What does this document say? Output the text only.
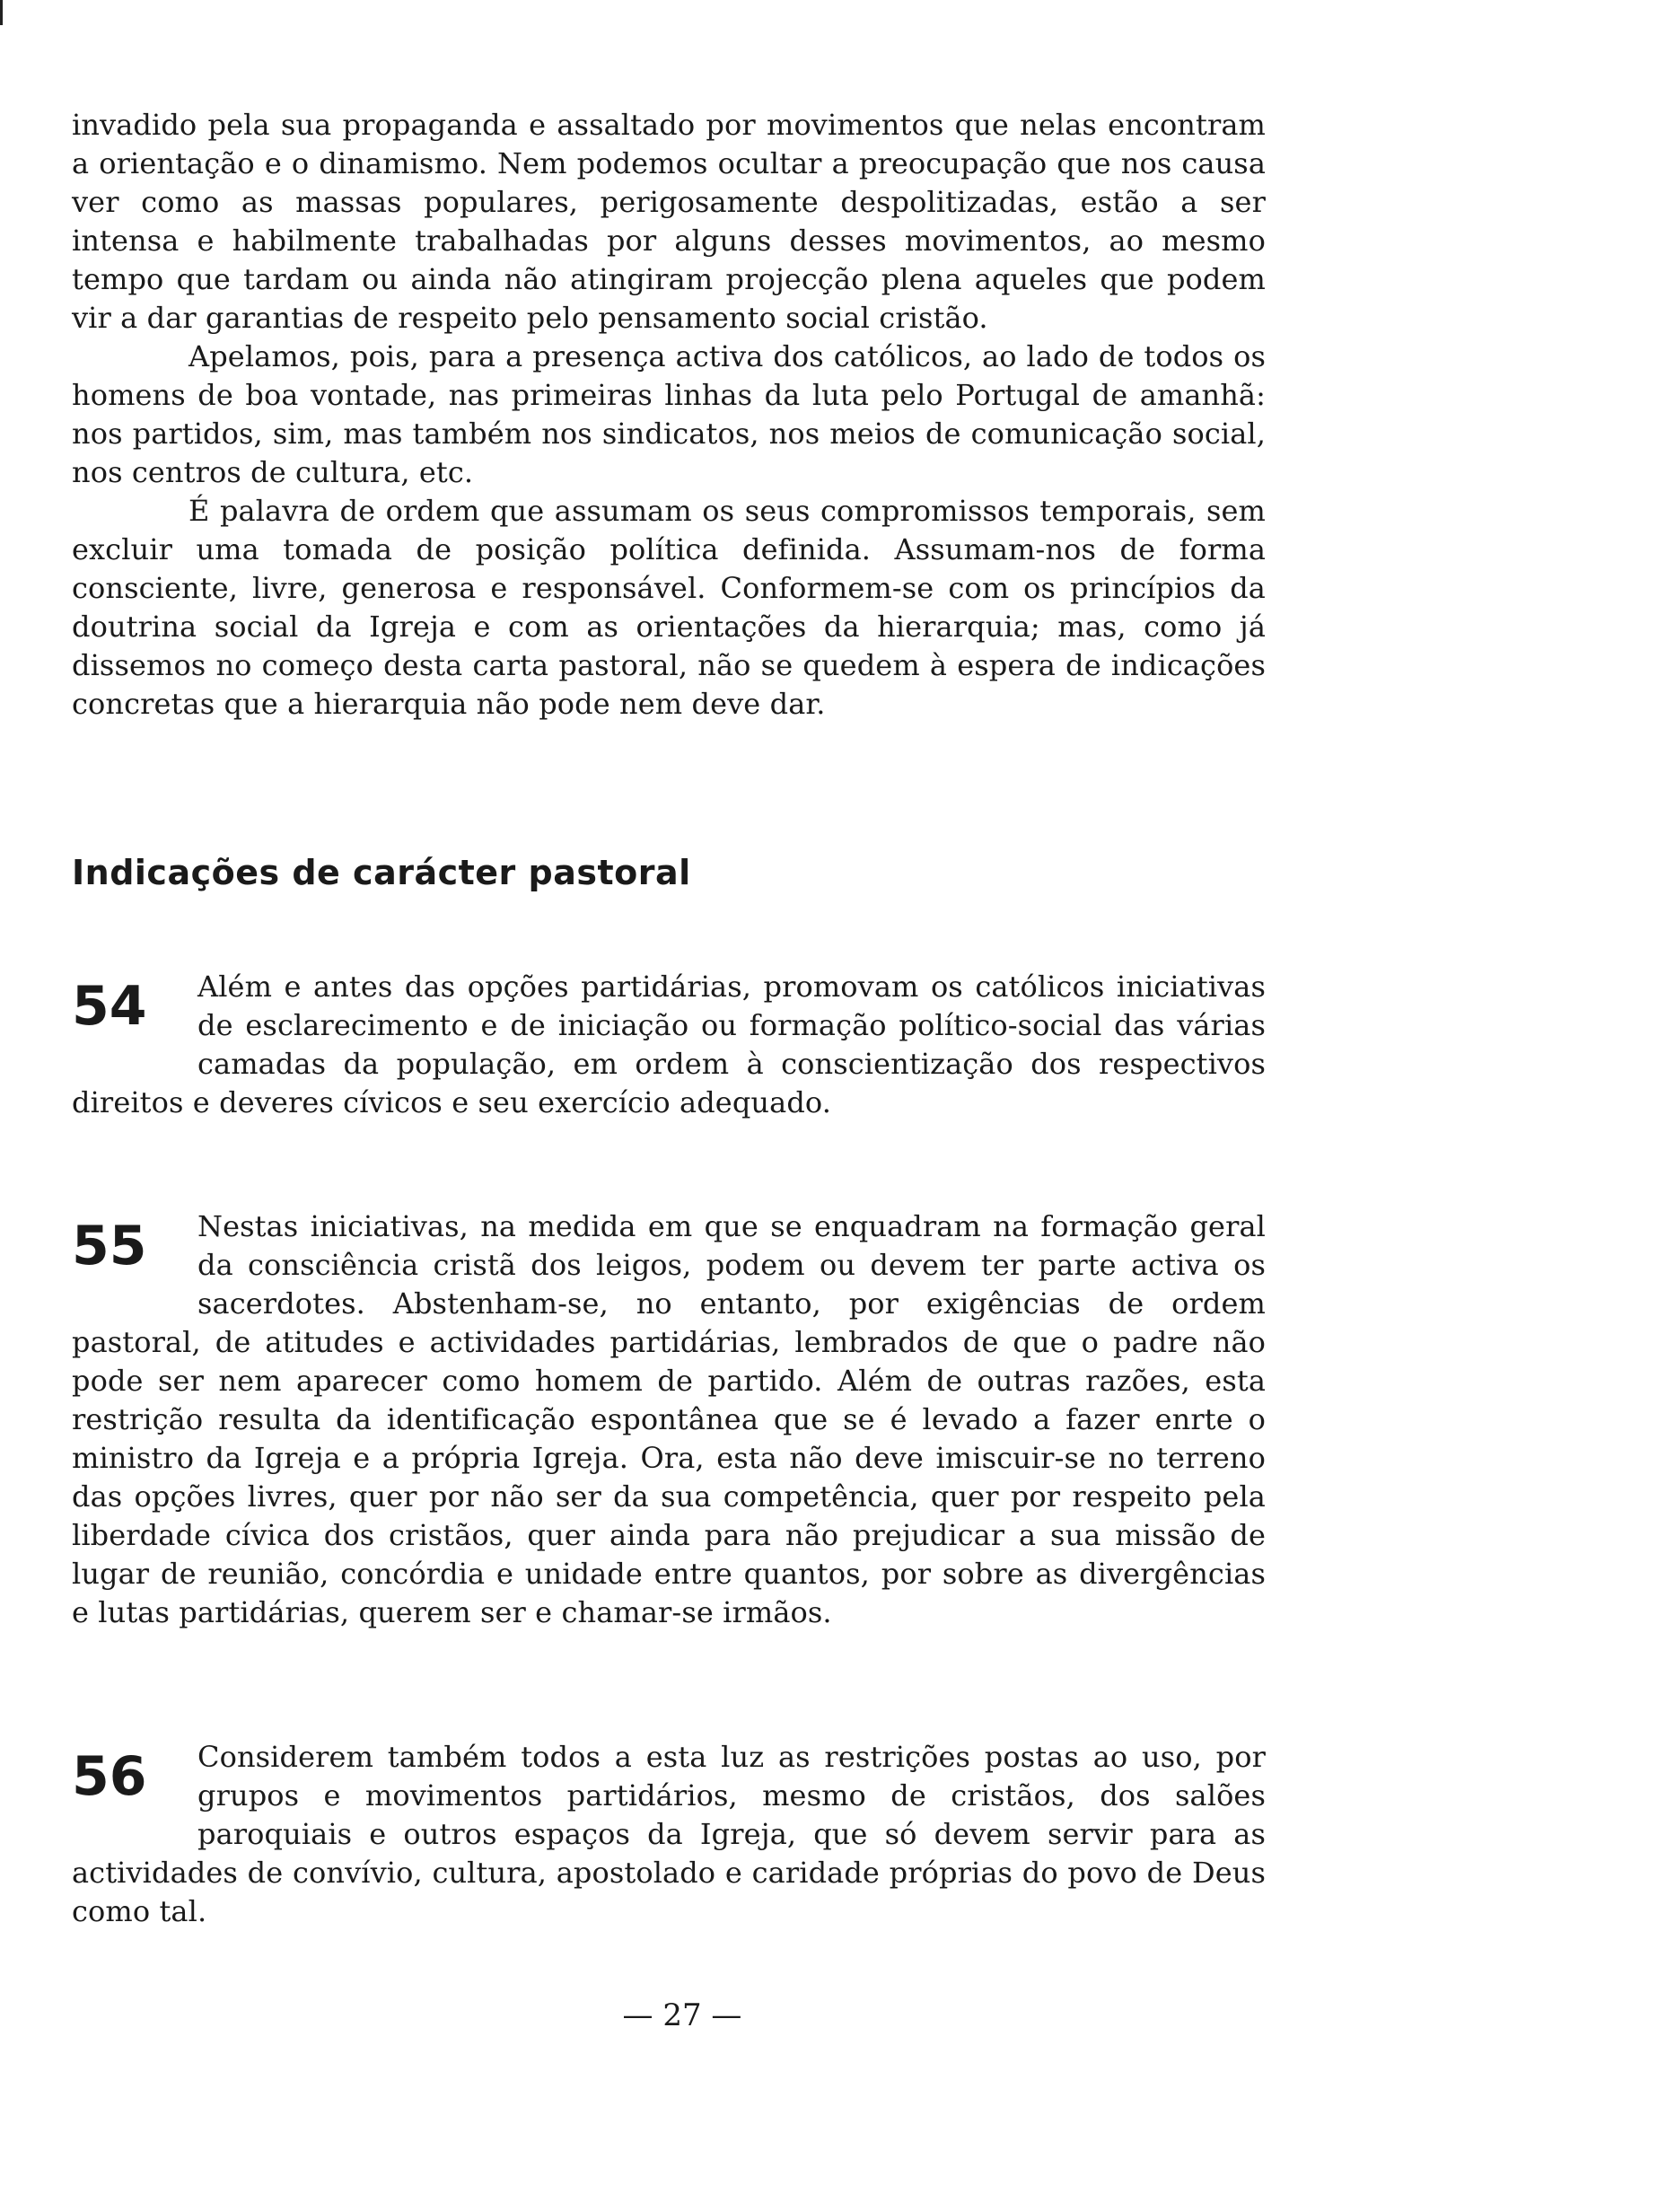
invadido pela sua propaganda e assaltado por movimentos que nelas encontram a orientação e o dinamismo. Nem podemos ocultar a preocupação que nos causa ver como as massas populares, perigosamente despolitizadas, estão a ser intensa e habilmente trabalhadas por alguns desses movimentos, ao mesmo tempo que tardam ou ainda não atingiram projecção plena aqueles que podem vir a dar garantias de respeito pelo pensamento social cristão.

Apelamos, pois, para a presença activa dos católicos, ao lado de todos os homens de boa vontade, nas primeiras linhas da luta pelo Portugal de amanhã: nos partidos, sim, mas também nos sindicatos, nos meios de comunicação social, nos centros de cultura, etc.

É palavra de ordem que assumam os seus compromissos temporais, sem excluir uma tomada de posição política definida. Assumam-nos de forma consciente, livre, generosa e responsável. Conformem-se com os princípios da doutrina social da Igreja e com as orientações da hierarquia; mas, como já dissemos no começo desta carta pastoral, não se quedem à espera de indicações concretas que a hierarquia não pode nem deve dar.

Indicações de carácter pastoral
54	Além e antes das opções partidárias, promovam os católicos iniciativas de esclarecimento e de iniciação ou formação político-social das várias camadas da população, em ordem à conscientização dos respectivos direitos e deveres cívicos e seu exercício adequado.

55	Nestas iniciativas, na medida em que se enquadram na formação geral da consciência cristã dos leigos, podem ou devem ter parte activa os sacerdotes. Abstenham-se, no entanto, por exigências de ordem pastoral, de atitudes e actividades partidárias, lembrados de que o padre não pode ser nem aparecer como homem de partido. Além de outras razões, esta restrição resulta da identificação espontânea que se é levado a fazer enrte o ministro da Igreja e a própria Igreja. Ora, esta não deve imiscuir-se no terreno das opções livres, quer por não ser da sua competência, quer por respeito pela liberdade cívica dos cristãos, quer ainda para não prejudicar a sua missão de lugar de reunião, concórdia e unidade entre quantos, por sobre as divergências e lutas partidárias, querem ser e chamar-se irmãos.

56	Considerem também todos a esta luz as restrições postas ao uso, por grupos e movimentos partidários, mesmo de cristãos, dos salões paroquiais e outros espaços da Igreja, que só devem servir para as actividades de convívio, cultura, apostolado e caridade próprias do povo de Deus como tal.

— 27 —
